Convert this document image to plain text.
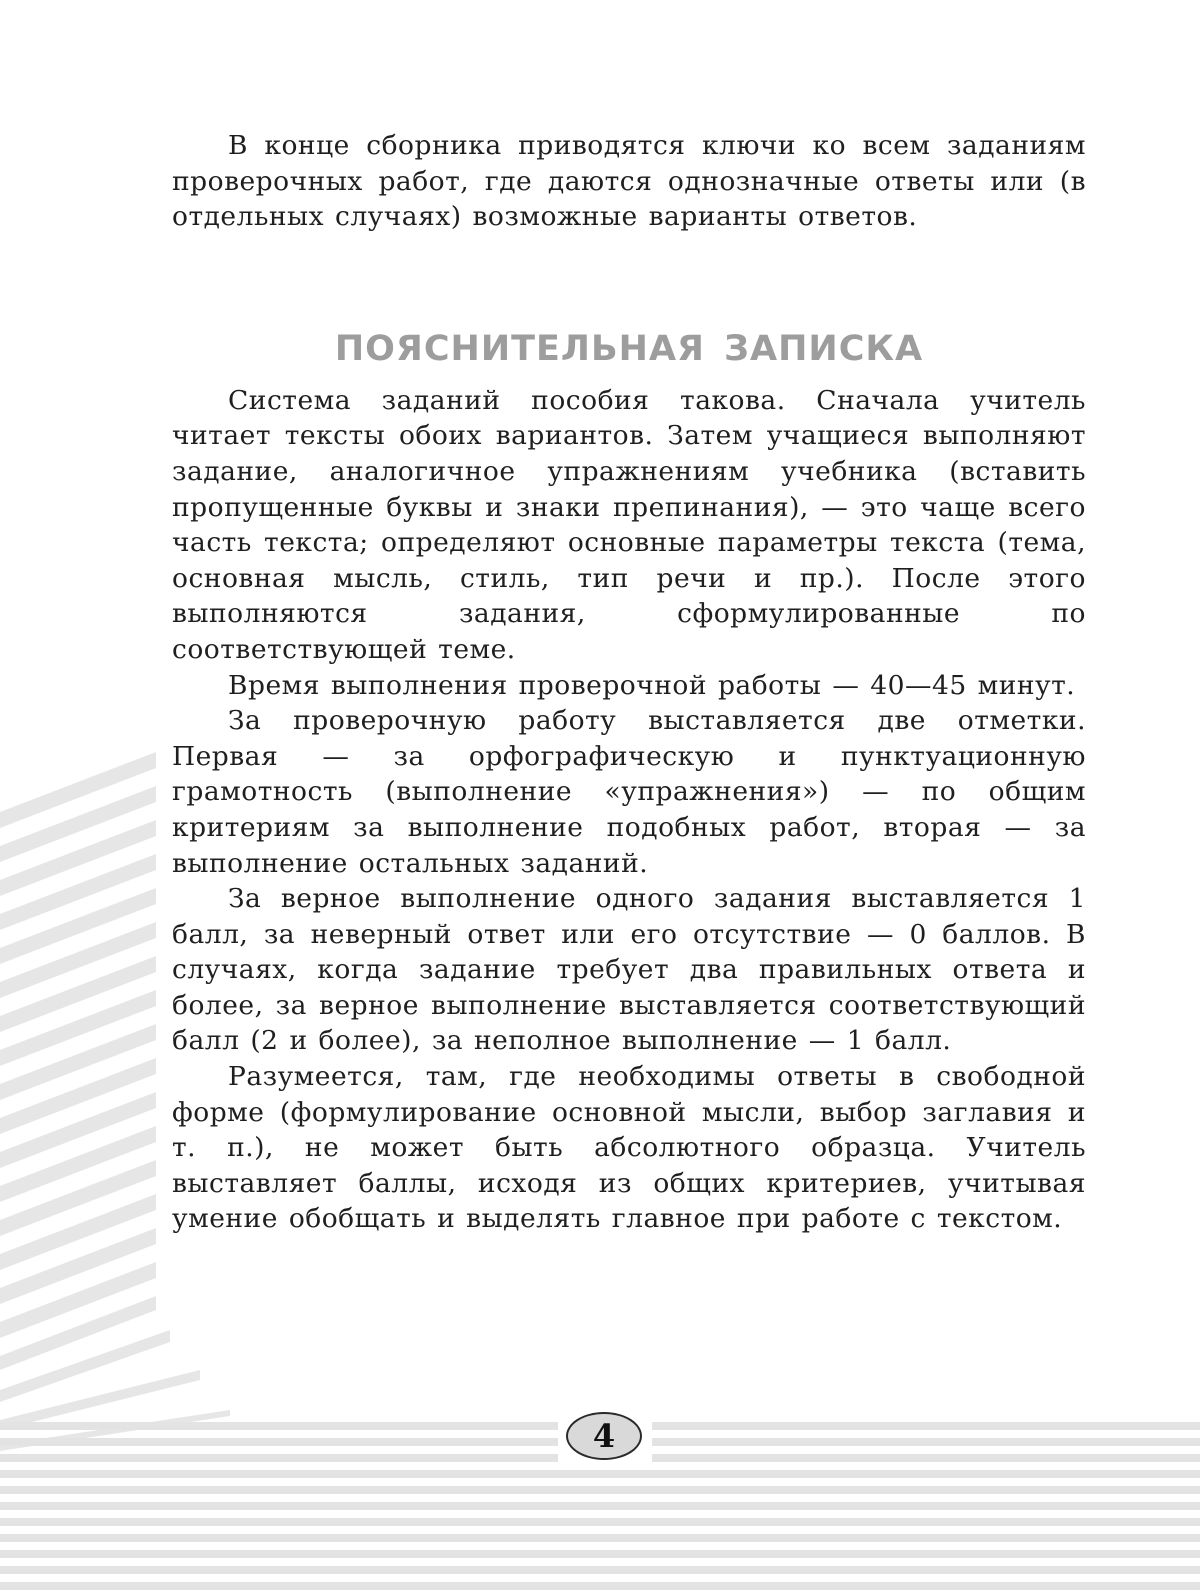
В конце сборника приводятся ключи ко всем заданиям проверочных работ, где даются однозначные ответы или (в отдельных случаях) возможные варианты ответов.

ПОЯСНИТЕЛЬНАЯ ЗАПИСКА

Система заданий пособия такова. Сначала учитель читает тексты обоих вариантов. Затем учащиеся выполняют задание, аналогичное упражнениям учебника (вставить пропущенные буквы и знаки препинания), — это чаще всего часть текста; определяют основные параметры текста (тема, основная мысль, стиль, тип речи и пр.). После этого выполняются задания, сформулированные по соответствующей теме.

Время выполнения проверочной работы — 40—45 минут.

За проверочную работу выставляется две отметки. Первая — за орфографическую и пунктуационную грамотность (выполнение «упражнения») — по общим критериям за выполнение подобных работ, вторая — за выполнение остальных заданий.

За верное выполнение одного задания выставляется 1 балл, за неверный ответ или его отсутствие — 0 баллов. В случаях, когда задание требует два правильных ответа и более, за верное выполнение выставляется соответствующий балл (2 и более), за неполное выполнение — 1 балл.

Разумеется, там, где необходимы ответы в свободной форме (формулирование основной мысли, выбор заглавия и т. п.), не может быть абсолютного образца. Учитель выставляет баллы, исходя из общих критериев, учитывая умение обобщать и выделять главное при работе с текстом.

4
